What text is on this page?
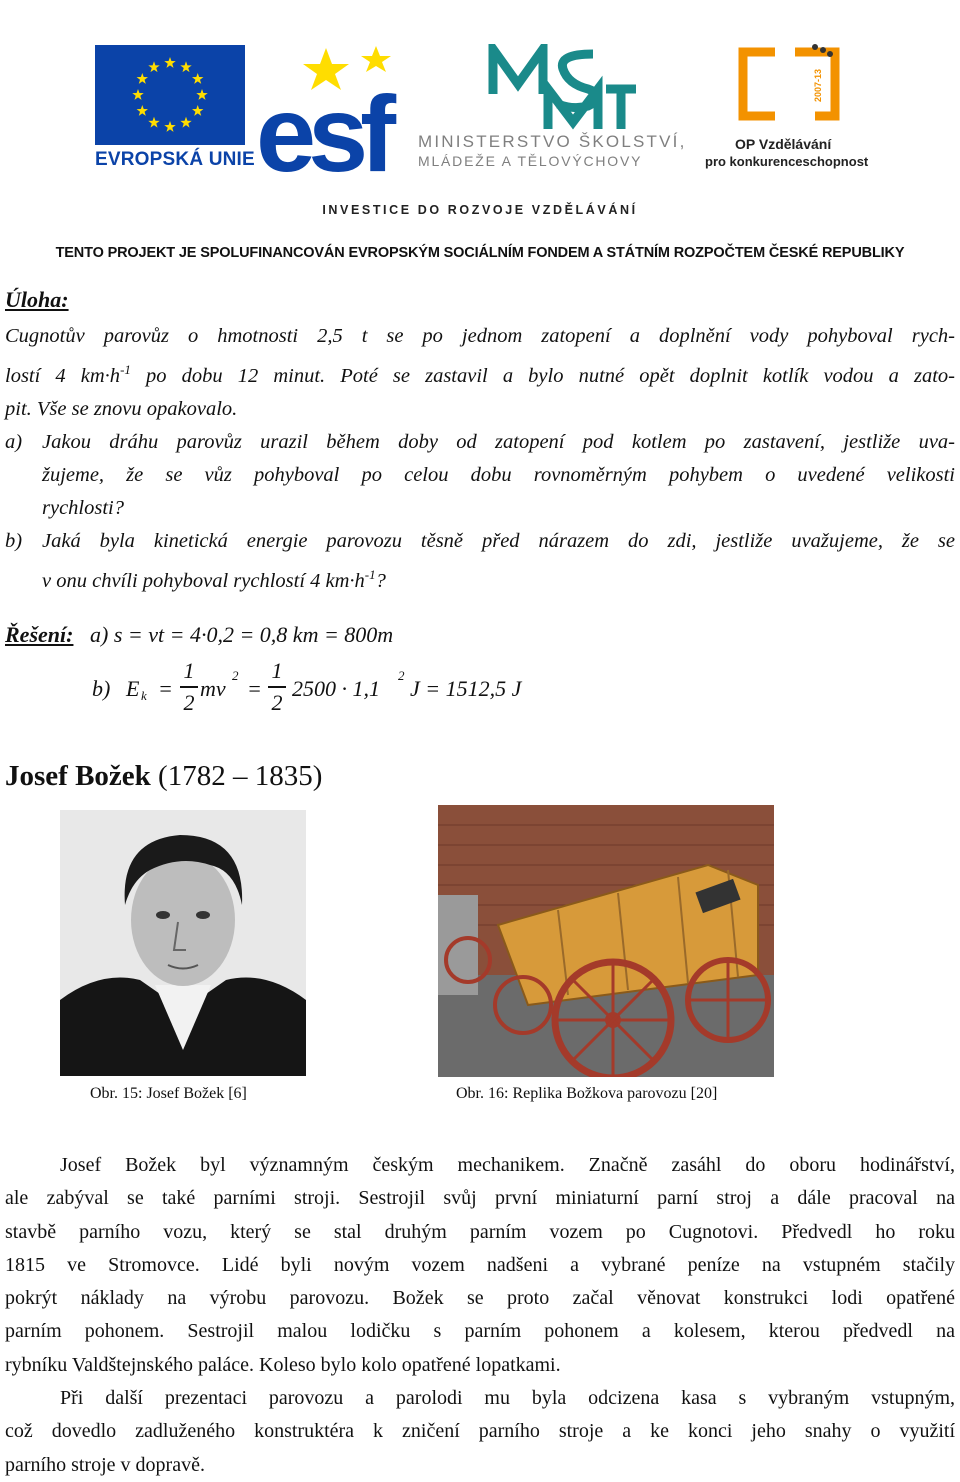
EVROPSKÁ UNIE esf MINISTERSTVO ŠKOLSTVÍ,
MLÁDEŽE A TĚLOVÝCHOVY
2007-13
OP Vzdělávání
pro konkurenceschopnost
INVESTICE DO ROZVOJE VZDĚLÁVÁNÍ
TENTO PROJEKT JE SPOLUFINANCOVÁN EVROPSKÝM SOCIÁLNÍM FONDEM A STÁTNÍM ROZPOČTEM ČESKÉ REPUBLIKY
Úloha:
Cugnotův parovůz o hmotnosti 2,5 t se po jednom zatopení a doplnění vody pohyboval rych-
lostí 4 $km\cdot h^{-1}$ po dobu 12 minut. Poté se zastavil a bylo nutné opět doplnit kotlík vodou a zato-
pit. Vše se znovu opakovalo.
a) Jakou dráhu parovůz urazil během doby od zatopení pod kotlem po zastavení, jestliže uva-
žujeme, že se vůz pohyboval po celou dobu rovnoměrným pohybem o uvedené velikosti
rychlosti?
b) Jaká byla kinetická energie parovozu těsně před nárazem do zdi, jestliže uvažujeme, že se
v onu chvíli pohyboval rychlostí 4 $km\cdot h^{-1}$?
Řešení: a) s = vt = 4·0,2 = 0,8 km = 800m
b) E k =
1
2
mv
2
=
1
2
2500 · 1,1
2
J = 1512,5 J
Josef Božek (1782 – 1835)
Obr. 15: Josef Božek [6]	Obr. 16: Replika Božkova parovozu [20]
Josef Božek byl významným českým mechanikem. Značně zasáhl do oboru hodinářství,
ale zabýval se také parními stroji. Sestrojil svůj první miniaturní parní stroj a dále pracoval na
stavbě parního vozu, který se stal druhým parním vozem po Cugnotovi. Předvedl ho roku
1815 ve Stromovce. Lidé byli novým vozem nadšeni a vybrané peníze na vstupném stačily
pokrýt náklady na výrobu parovozu. Božek se proto začal věnovat konstrukci lodi opatřené
parním pohonem. Sestrojil malou lodičku s parním pohonem a kolesem, kterou předvedl na
rybníku Valdštejnského paláce. Koleso bylo kolo opatřené lopatkami.
Při další prezentaci parovozu a parolodi mu byla odcizena kasa s vybraným vstupným,
což dovedlo zadluženého konstruktéra k zničení parního stroje a ke konci jeho snahy o využití
parního stroje v dopravě.
